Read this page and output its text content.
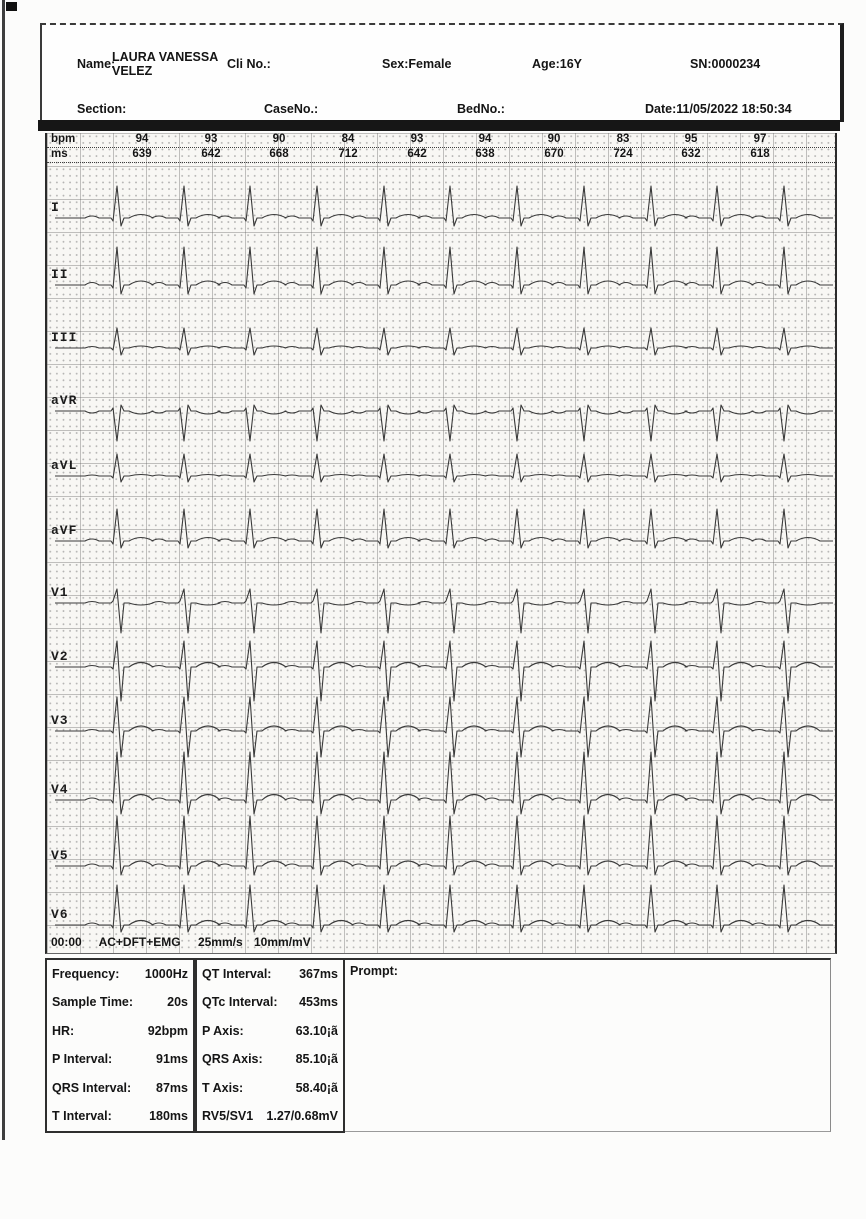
Name:
LAURA VANESSA
VELEZ	Cli No.:	Sex:Female	Age:16Y	SN:0000234
Section:	CaseNo.:	BedNo.:	Date:11/05/2022 18:50:34
bpm	94	93	90	84	93	94	90	83	95	97
ms	639	642	668	712	642	638	670	724	632	618
I
II
III
aVR
aVL
aVF
V1
V2
V3
V4
V5
V6
00:00 AC+DFT+EMG 25mm/s 10mm/mV
Frequency: 1000Hz
Sample Time:	20s
HR:	92bpm
P Interval:	91ms
QRS Interval: 87ms
T Interval:	180ms
QT Interval: 367ms
QTc Interval: 453ms
P Axis:	63.10¡ã
QRS Axis:	85.10¡ã
T Axis:	58.40¡ã
RV5/SV1 1.27/0.68mV
Prompt:
